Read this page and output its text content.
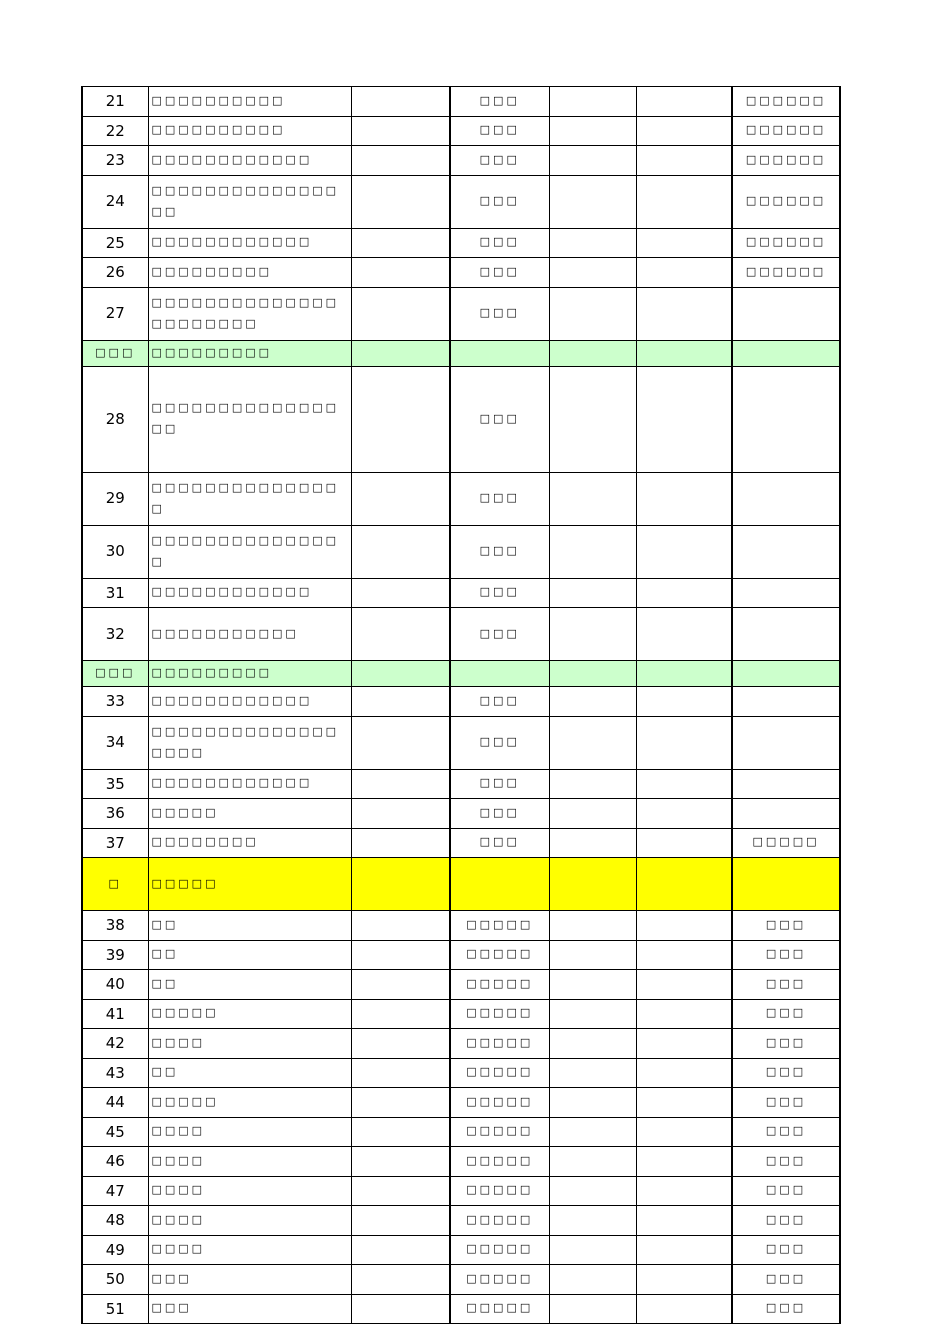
21	□□□□□□□□□□		□□□			□□□□□□
22	□□□□□□□□□□		□□□			□□□□□□
23	□□□□□□□□□□□□		□□□			□□□□□□
24	□□□□□□□□□□□□□□□□		□□□			□□□□□□
25	□□□□□□□□□□□□		□□□			□□□□□□
26	□□□□□□□□□		□□□			□□□□□□
27	□□□□□□□□□□□□□□□□□□□□□□		□□□			
□□□	□□□□□□□□□					
28	□□□□□□□□□□□□□□□□		□□□			
29	□□□□□□□□□□□□□□□		□□□			
30	□□□□□□□□□□□□□□□		□□□			
31	□□□□□□□□□□□□		□□□			
32	□□□□□□□□□□□		□□□			
□□□	□□□□□□□□□					
33	□□□□□□□□□□□□		□□□			
34	□□□□□□□□□□□□□□□□□□		□□□			
35	□□□□□□□□□□□□		□□□			
36	□□□□□		□□□			
37	□□□□□□□□		□□□			□□□□□
□	□□□□□					
38	□□		□□□□□			□□□
39	□□		□□□□□			□□□
40	□□		□□□□□			□□□
41	□□□□□		□□□□□			□□□
42	□□□□		□□□□□			□□□
43	□□		□□□□□			□□□
44	□□□□□		□□□□□			□□□
45	□□□□		□□□□□			□□□
46	□□□□		□□□□□			□□□
47	□□□□		□□□□□			□□□
48	□□□□		□□□□□			□□□
49	□□□□		□□□□□			□□□
50	□□□		□□□□□			□□□
51	□□□		□□□□□			□□□
